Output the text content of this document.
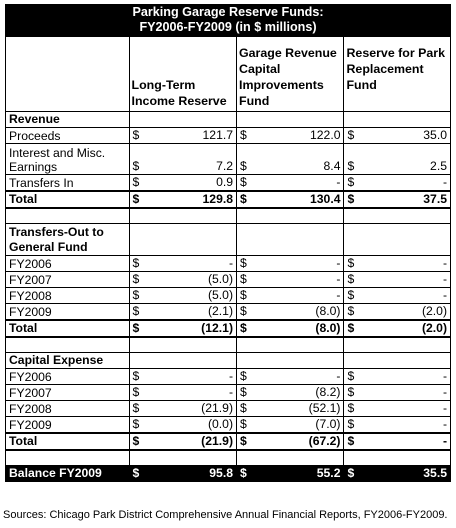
Parking Garage Reserve Funds:
FY2006-FY2009 (in $ millions)						
	Long-Term Income Reserve		Garage Revenue Capital Improvements Fund		Reserve for Park Replacement Fund	
Revenue						
Proceeds	$	121.7	$	122.0	$	35.0
Interest and Misc. Earnings	$	7.2	$	8.4	$	2.5
Transfers In	$	0.9	$	-	$	-
Total	$	129.8	$	130.4	$	37.5

Transfers-Out to General Fund						
FY2006	$	-	$	-	$	-
FY2007	$	(5.0)	$	-	$	-
FY2008	$	(5.0)	$	-	$	-
FY2009	$	(2.1)	$	(8.0)	$	(2.0)
Total	$	(12.1)	$	(8.0)	$	(2.0)

Capital Expense						
FY2006	$	-	$	-	$	-
FY2007	$	-	$	(8.2)	$	-
FY2008	$	(21.9)	$	(52.1)	$	-
FY2009	$	(0.0)	$	(7.0)	$	-
Total	$	(21.9)	$	(67.2)	$	-

Balance FY2009	$	95.8	$	55.2	$	35.5
Sources: Chicago Park District Comprehensive Annual Financial Reports, FY2006-FY2009.
